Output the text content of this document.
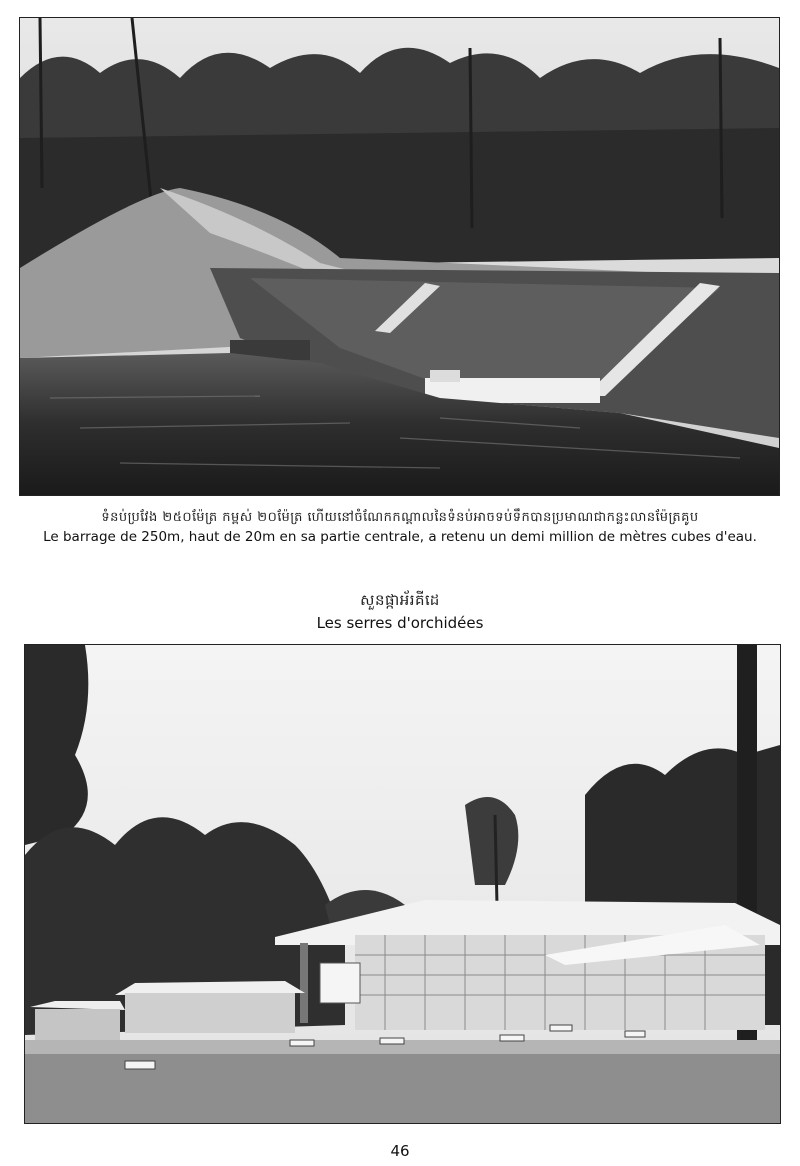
ទំនប់ប្រវែង ២៥០ម៉ែត្រ កម្ពស់ ២០ម៉ែត្រ ហើយនៅចំណែកកណ្តាលនៃទំនប់អាចទប់ទឹកបានប្រមាណជាកន្លះលានម៉ែត្រគូប
Le barrage de 250m, haut de 20m en sa partie centrale, a retenu un demi million de mètres cubes d'eau.
សួនផ្កាអ័រគីដេ
Les serres d'orchidées
46
